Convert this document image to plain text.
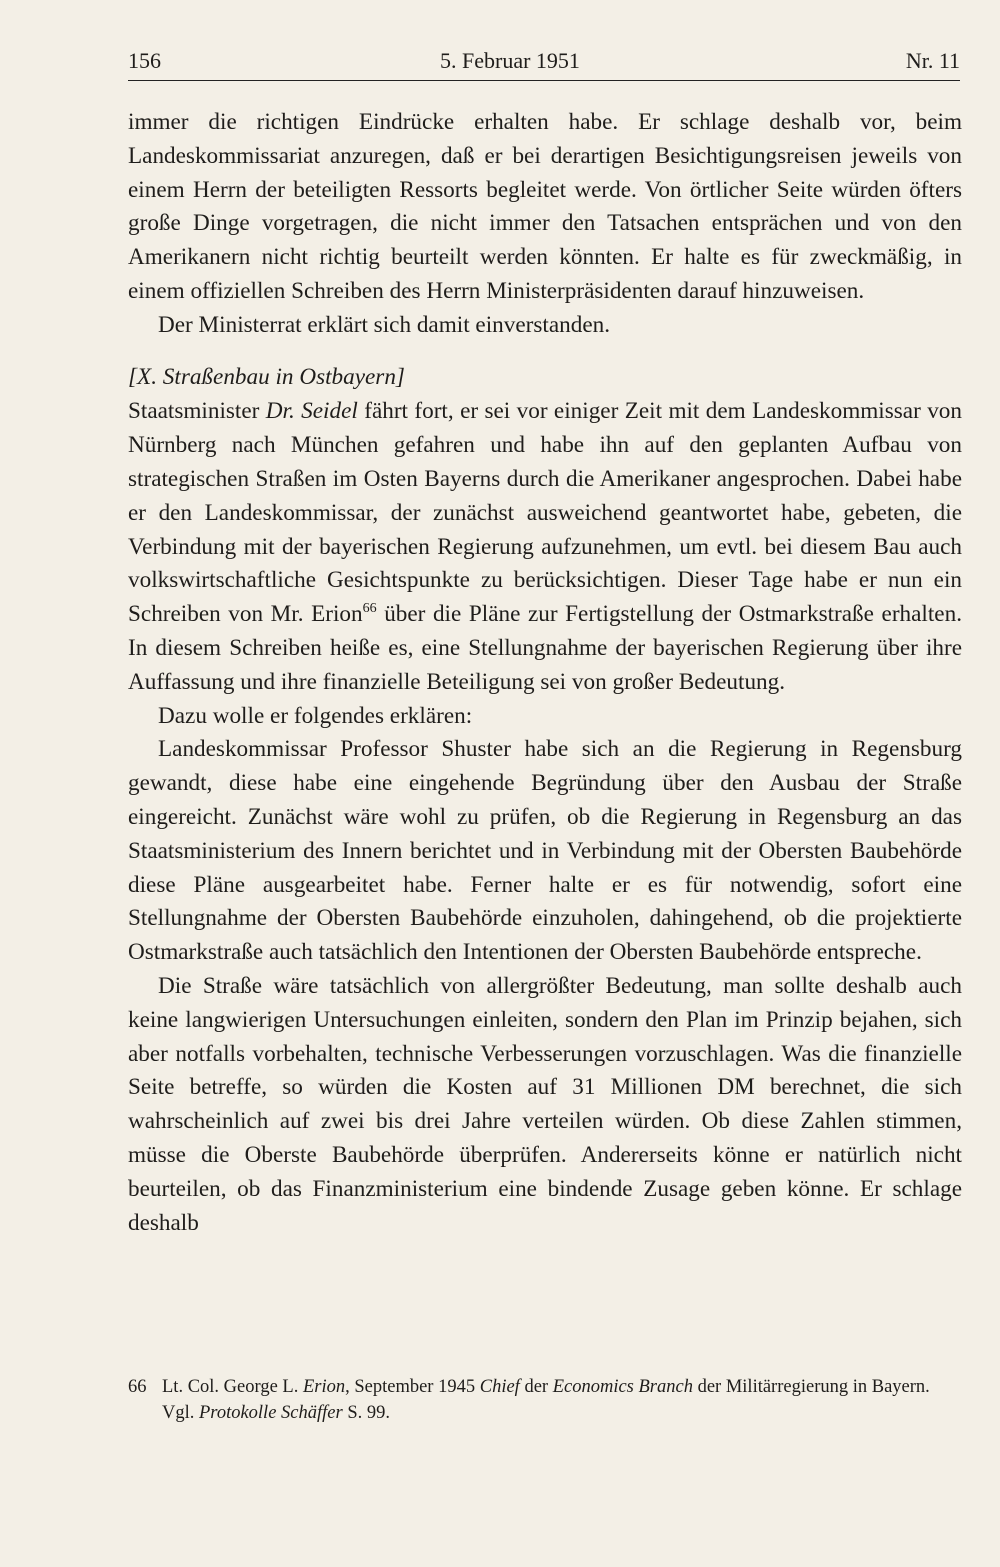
156	5. Februar 1951	Nr. 11

immer die richtigen Eindrücke erhalten habe. Er schlage deshalb vor, beim Landeskommissariat anzuregen, daß er bei derartigen Besichtigungsreisen jeweils von einem Herrn der beteiligten Ressorts begleitet werde. Von örtlicher Seite würden öfters große Dinge vorgetragen, die nicht immer den Tatsachen entsprächen und von den Amerikanern nicht richtig beurteilt werden könnten. Er halte es für zweckmäßig, in einem offiziellen Schreiben des Herrn Ministerpräsidenten darauf hinzuweisen.

Der Ministerrat erklärt sich damit einverstanden.

[X. Straßenbau in Ostbayern]

Staatsminister Dr. Seidel fährt fort, er sei vor einiger Zeit mit dem Landeskommissar von Nürnberg nach München gefahren und habe ihn auf den geplanten Aufbau von strategischen Straßen im Osten Bayerns durch die Amerikaner angesprochen. Dabei habe er den Landeskommissar, der zunächst ausweichend geantwortet habe, gebeten, die Verbindung mit der bayerischen Regierung aufzunehmen, um evtl. bei diesem Bau auch volkswirtschaftliche Gesichtspunkte zu berücksichtigen. Dieser Tage habe er nun ein Schreiben von Mr. Erion$^{66}$ über die Pläne zur Fertigstellung der Ostmarkstraße erhalten. In diesem Schreiben heiße es, eine Stellungnahme der bayerischen Regierung über ihre Auffassung und ihre finanzielle Beteiligung sei von großer Bedeutung.

Dazu wolle er folgendes erklären:

Landeskommissar Professor Shuster habe sich an die Regierung in Regensburg gewandt, diese habe eine eingehende Begründung über den Ausbau der Straße eingereicht. Zunächst wäre wohl zu prüfen, ob die Regierung in Regensburg an das Staatsministerium des Innern berichtet und in Verbindung mit der Obersten Baubehörde diese Pläne ausgearbeitet habe. Ferner halte er es für notwendig, sofort eine Stellungnahme der Obersten Baubehörde einzuholen, dahingehend, ob die projektierte Ostmarkstraße auch tatsächlich den Intentionen der Obersten Baubehörde entspreche.

Die Straße wäre tatsächlich von allergrößter Bedeutung, man sollte deshalb auch keine langwierigen Untersuchungen einleiten, sondern den Plan im Prinzip bejahen, sich aber notfalls vorbehalten, technische Verbesserungen vorzuschlagen. Was die finanzielle Seite betreffe, so würden die Kosten auf 31 Millionen DM berechnet, die sich wahrscheinlich auf zwei bis drei Jahre verteilen würden. Ob diese Zahlen stimmen, müsse die Oberste Baubehörde überprüfen. Andererseits könne er natürlich nicht beurteilen, ob das Finanzministerium eine bindende Zusage geben könne. Er schlage deshalb

66 Lt. Col. George L. Erion, September 1945 Chief der Economics Branch der Militärregierung in Bayern. Vgl. Protokolle Schäffer S. 99.
